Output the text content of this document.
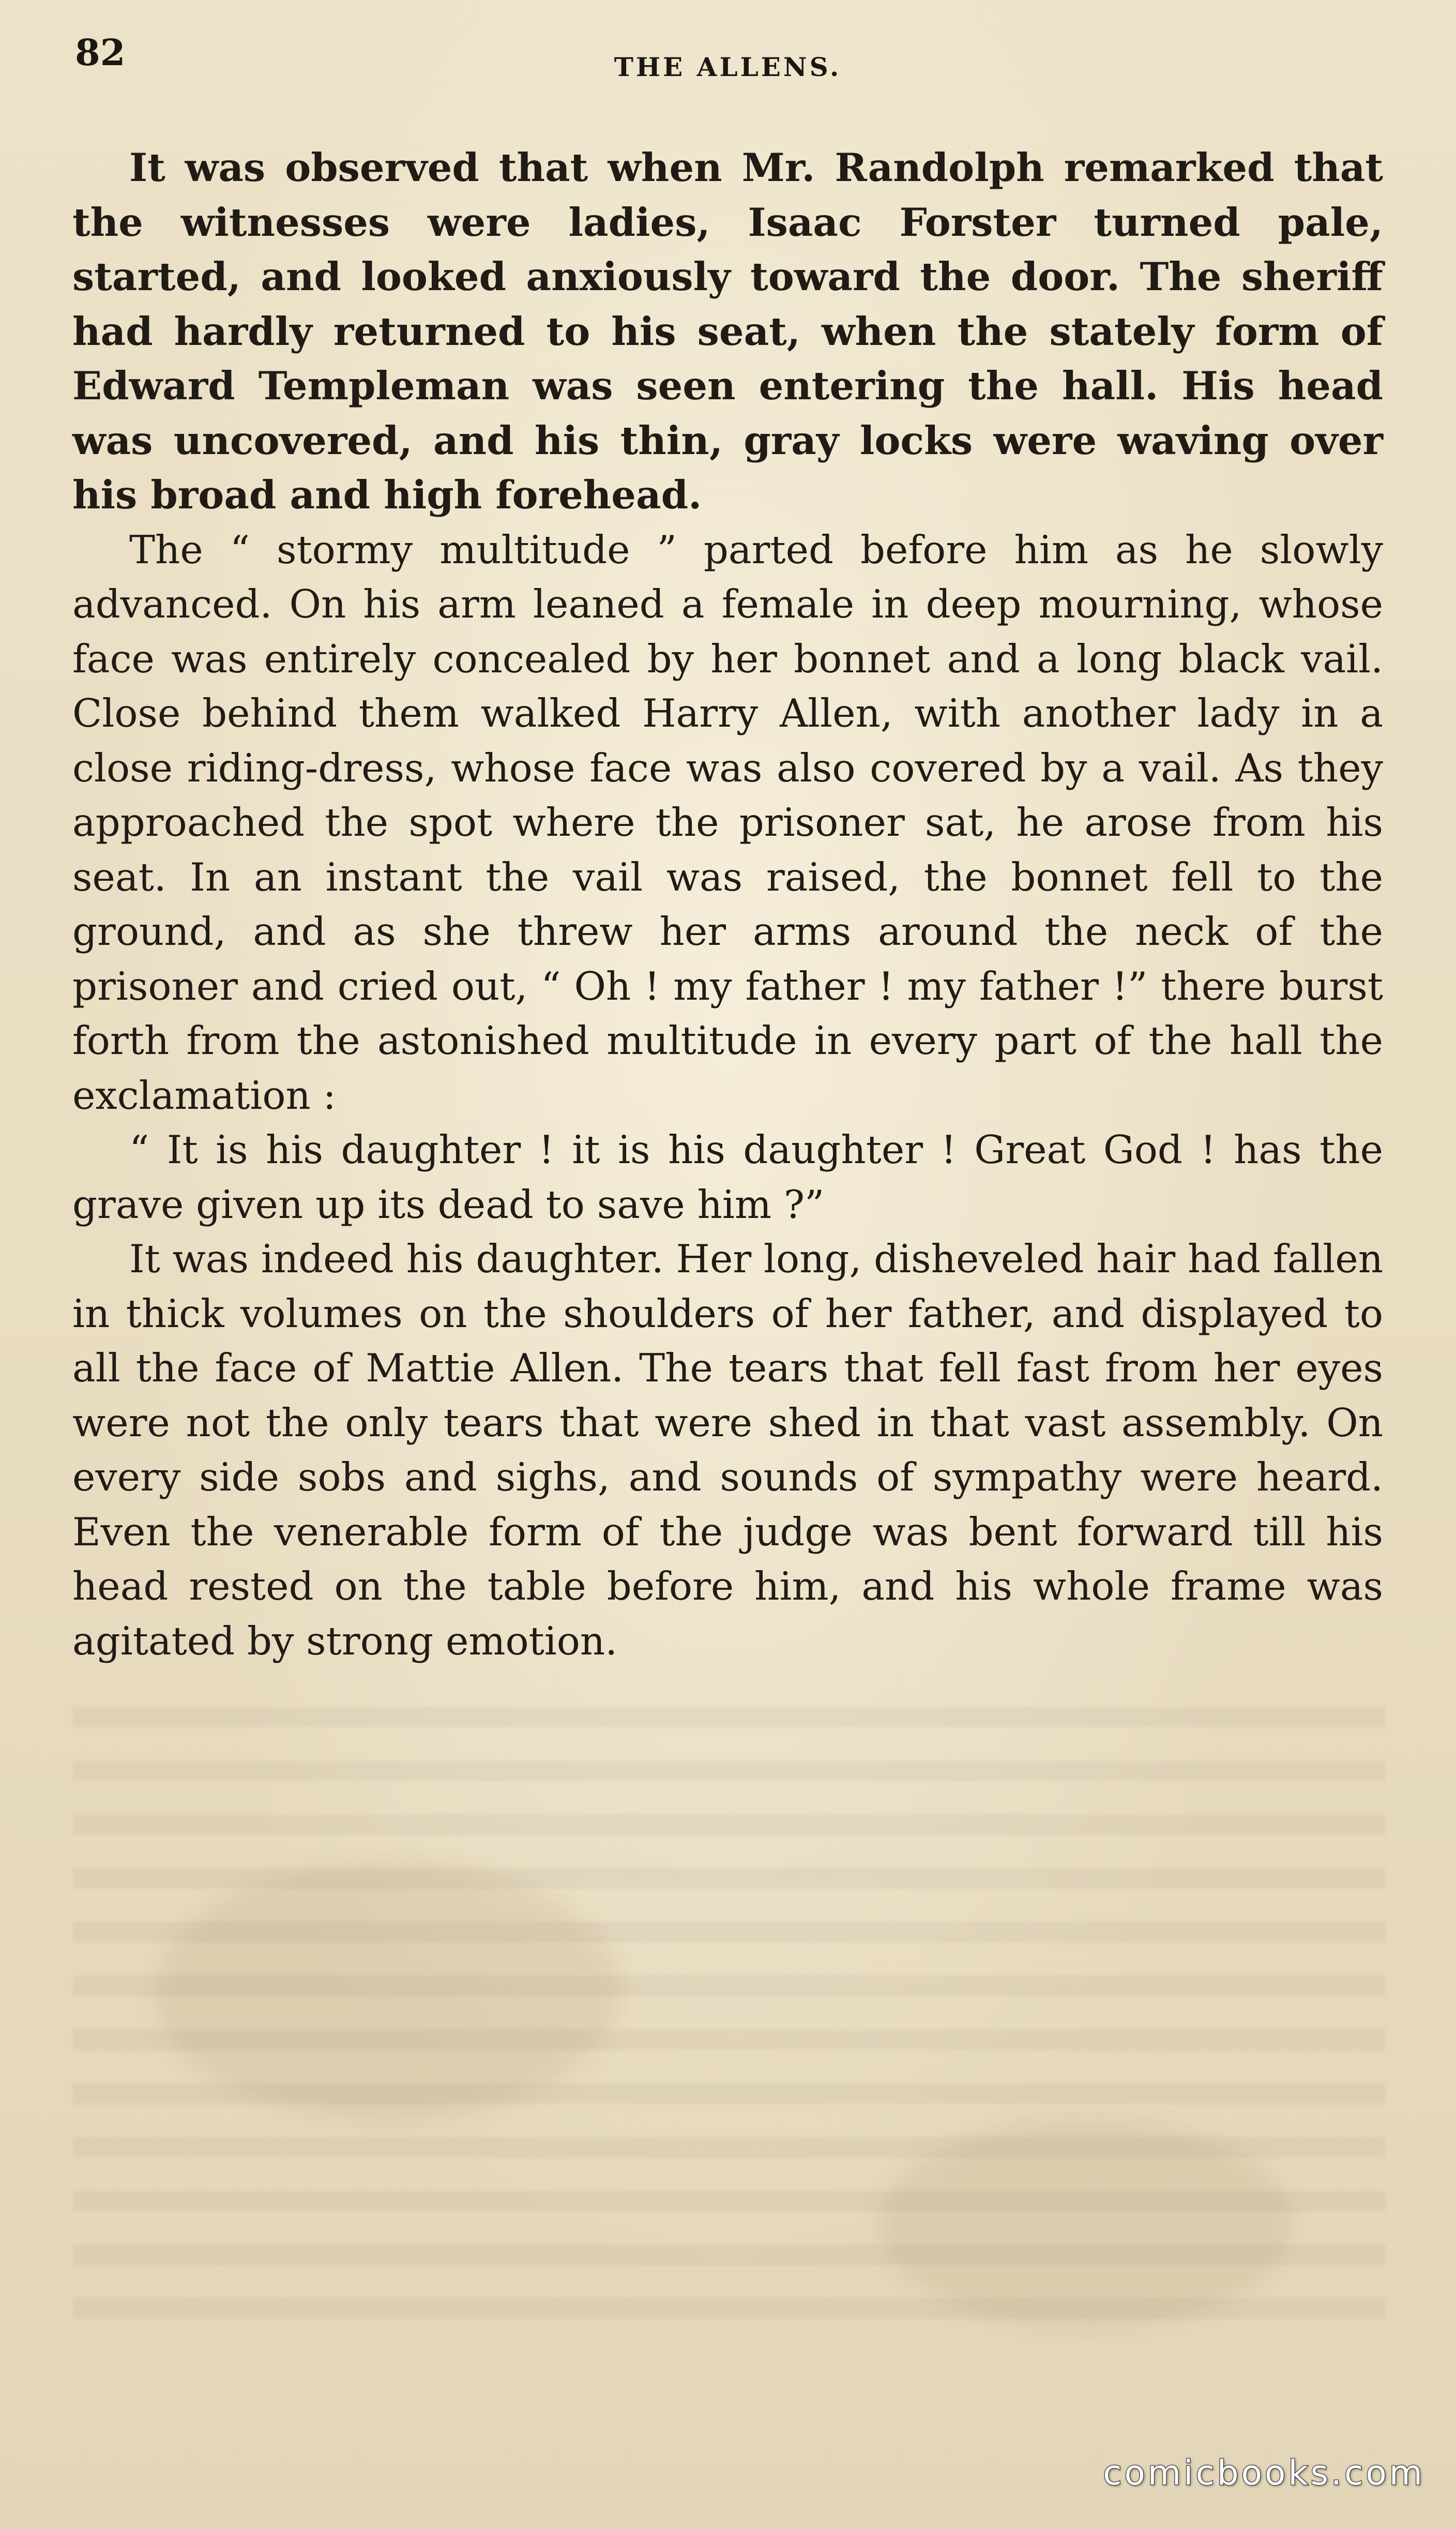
82	THE ALLENS.

It was observed that when Mr. Randolph remarked that the witnesses were ladies, Isaac Forster turned pale, started, and looked anxiously toward the door. The sheriff had hardly returned to his seat, when the stately form of Edward Templeman was seen entering the hall. His head was uncovered, and his thin, gray locks were waving over his broad and high forehead.

The “ stormy multitude ” parted before him as he slowly advanced. On his arm leaned a female in deep mourning, whose face was entirely concealed by her bonnet and a long black vail. Close behind them walked Harry Allen, with another lady in a close riding-dress, whose face was also covered by a vail. As they approached the spot where the prisoner sat, he arose from his seat. In an instant the vail was raised, the bonnet fell to the ground, and as she threw her arms around the neck of the prisoner and cried out, “ Oh ! my father ! my father !” there burst forth from the astonished multitude in every part of the hall the exclamation :

“ It is his daughter ! it is his daughter ! Great God ! has the grave given up its dead to save him ?”

It was indeed his daughter. Her long, disheveled hair had fallen in thick volumes on the shoulders of her father, and displayed to all the face of Mattie Allen. The tears that fell fast from her eyes were not the only tears that were shed in that vast assembly. On every side sobs and sighs, and sounds of sympathy were heard. Even the venerable form of the judge was bent forward till his head rested on the table before him, and his whole frame was agitated by strong emotion.

comicbooks.com
